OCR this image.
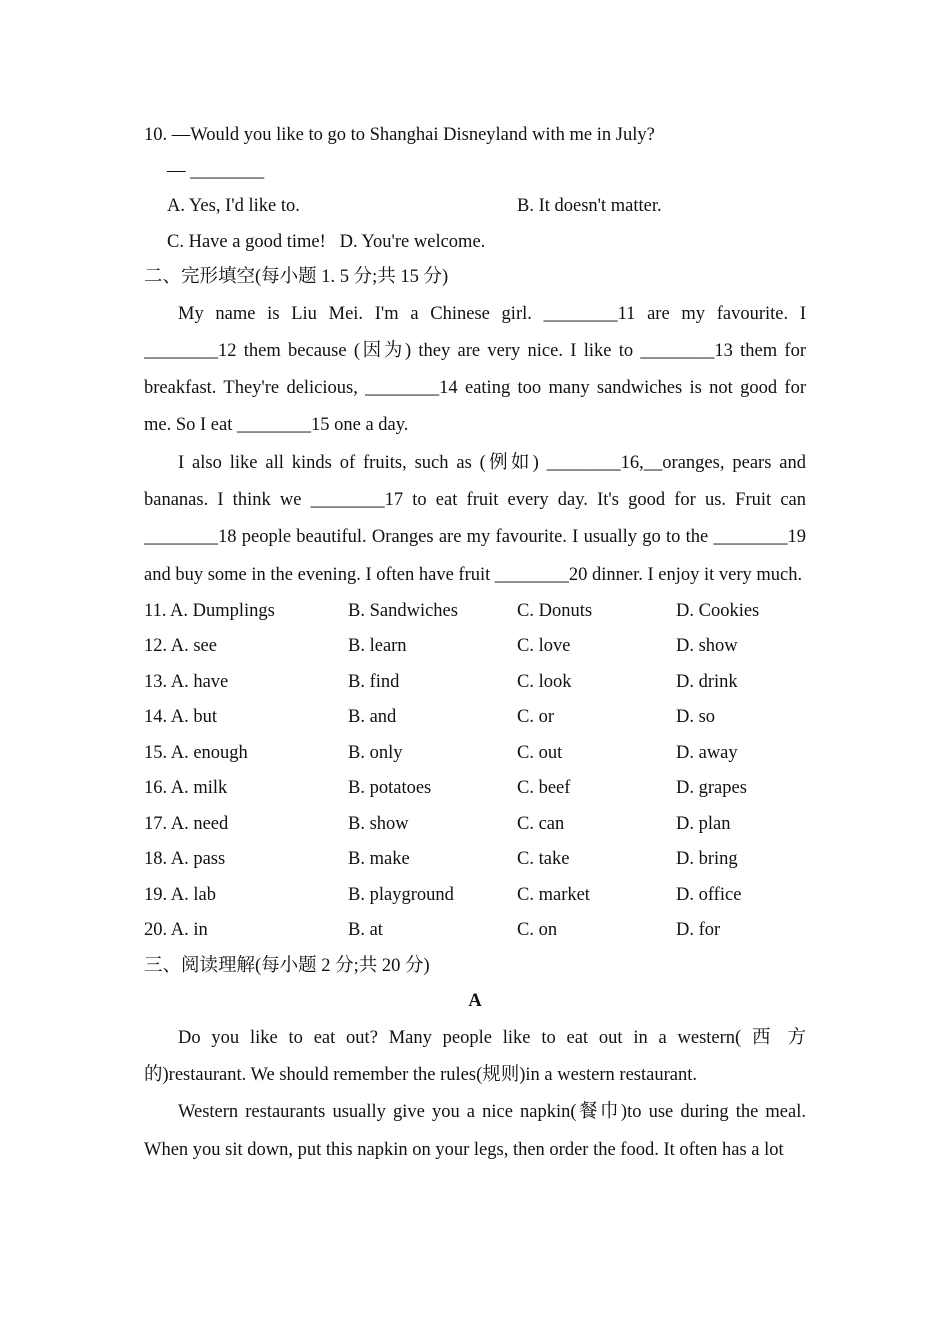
10. —Would you like to go to Shanghai Disneyland with me in July?
— ________
A. Yes, I'd like to.	B. It doesn't matter.
C. Have a good time! D. You're welcome.
二、完形填空(每小题 1. 5 分;共 15 分)

My name is Liu Mei. I'm a Chinese girl. ________11 are my favourite. I ________12 them because (因为) they are very nice. I like to ________13 them for breakfast. They're delicious, ________14 eating too many sandwiches is not good for me. So I eat ________15 one a day.

I also like all kinds of fruits, such as (例如) ________16,__oranges, pears and bananas. I think we ________17 to eat fruit every day. It's good for us. Fruit can ________18 people beautiful. Oranges are my favourite. I usually go to the ________19 and buy some in the evening. I often have fruit ________20 dinner. I enjoy it very much.

11. A. Dumplings	B. Sandwiches	C. Donuts	D. Cookies
12. A. see	B. learn	C. love	D. show
13. A. have	B. find	C. look	D. drink
14. A. but	B. and	C. or	D. so
15. A. enough	B. only	C. out	D. away
16. A. milk	B. potatoes	C. beef	D. grapes
17. A. need	B. show	C. can	D. plan
18. A. pass	B. make	C. take	D. bring
19. A. lab	B. playground	C. market	D. office
20. A. in	B. at	C. on	D. for
三、阅读理解(每小题 2 分;共 20 分)
A

Do you like to eat out? Many people like to eat out in a western( 西 方 的)restaurant. We should remember the rules(规则)in a western restaurant.

Western restaurants usually give you a nice napkin(餐巾)to use during the meal. When you sit down, put this napkin on your legs, then order the food. It often has a lot
